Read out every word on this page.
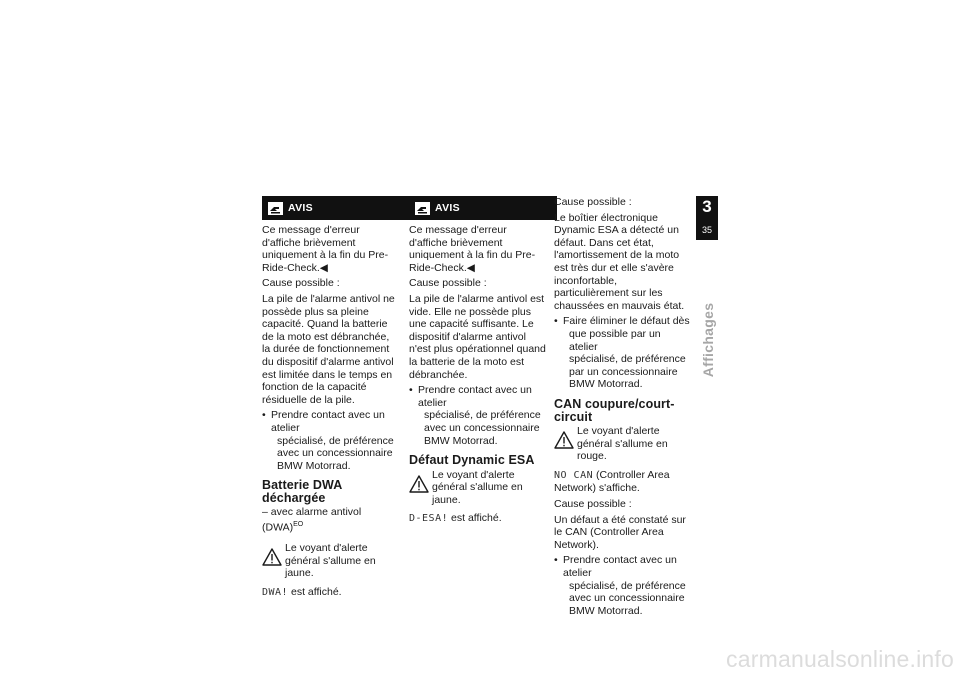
AVIS

Ce message d'erreur d'affiche brièvement uniquement à la fin du Pre-Ride-Check.◀

Cause possible :

La pile de l'alarme antivol ne possède plus sa pleine capacité. Quand la batterie de la moto est débranchée, la durée de fonctionnement du dispositif d'alarme antivol est limitée dans le temps en fonction de la capacité résiduelle de la pile.

• Prendre contact avec un atelier
spécialisé, de préférence
avec un concessionnaire
BMW Motorrad.
Batterie DWA déchargée

– avec alarme antivol (DWA)$^{EO}$

Le voyant d'alerte général s'allume en jaune.

DWA! est affiché.

AVIS

Ce message d'erreur d'affiche brièvement uniquement à la fin du Pre-Ride-Check.◀

Cause possible :

La pile de l'alarme antivol est vide. Elle ne possède plus une capacité suffisante. Le dispositif d'alarme antivol n'est plus opérationnel quand la batterie de la moto est débranchée.

• Prendre contact avec un atelier
spécialisé, de préférence
avec un concessionnaire
BMW Motorrad.
Défaut Dynamic ESA
Le voyant d'alerte général s'allume en jaune.

D-ESA! est affiché.

Cause possible :

Le boîtier électronique Dynamic ESA a détecté un défaut. Dans cet état, l'amortissement de la moto est très dur et elle s'avère inconfortable, particulièrement sur les chaussées en mauvais état.

• Faire éliminer le défaut dès
que possible par un atelier
spécialisé, de préférence
par un concessionnaire
BMW Motorrad.
CAN coupure/court-circuit
Le voyant d'alerte général s'allume en rouge.

NO CAN (Controller Area Network) s'affiche.

Cause possible :

Un défaut a été constaté sur le CAN (Controller Area Network).

• Prendre contact avec un atelier
spécialisé, de préférence
avec un concessionnaire
BMW Motorrad.
3
35
Affichages
carmanualsonline.info
